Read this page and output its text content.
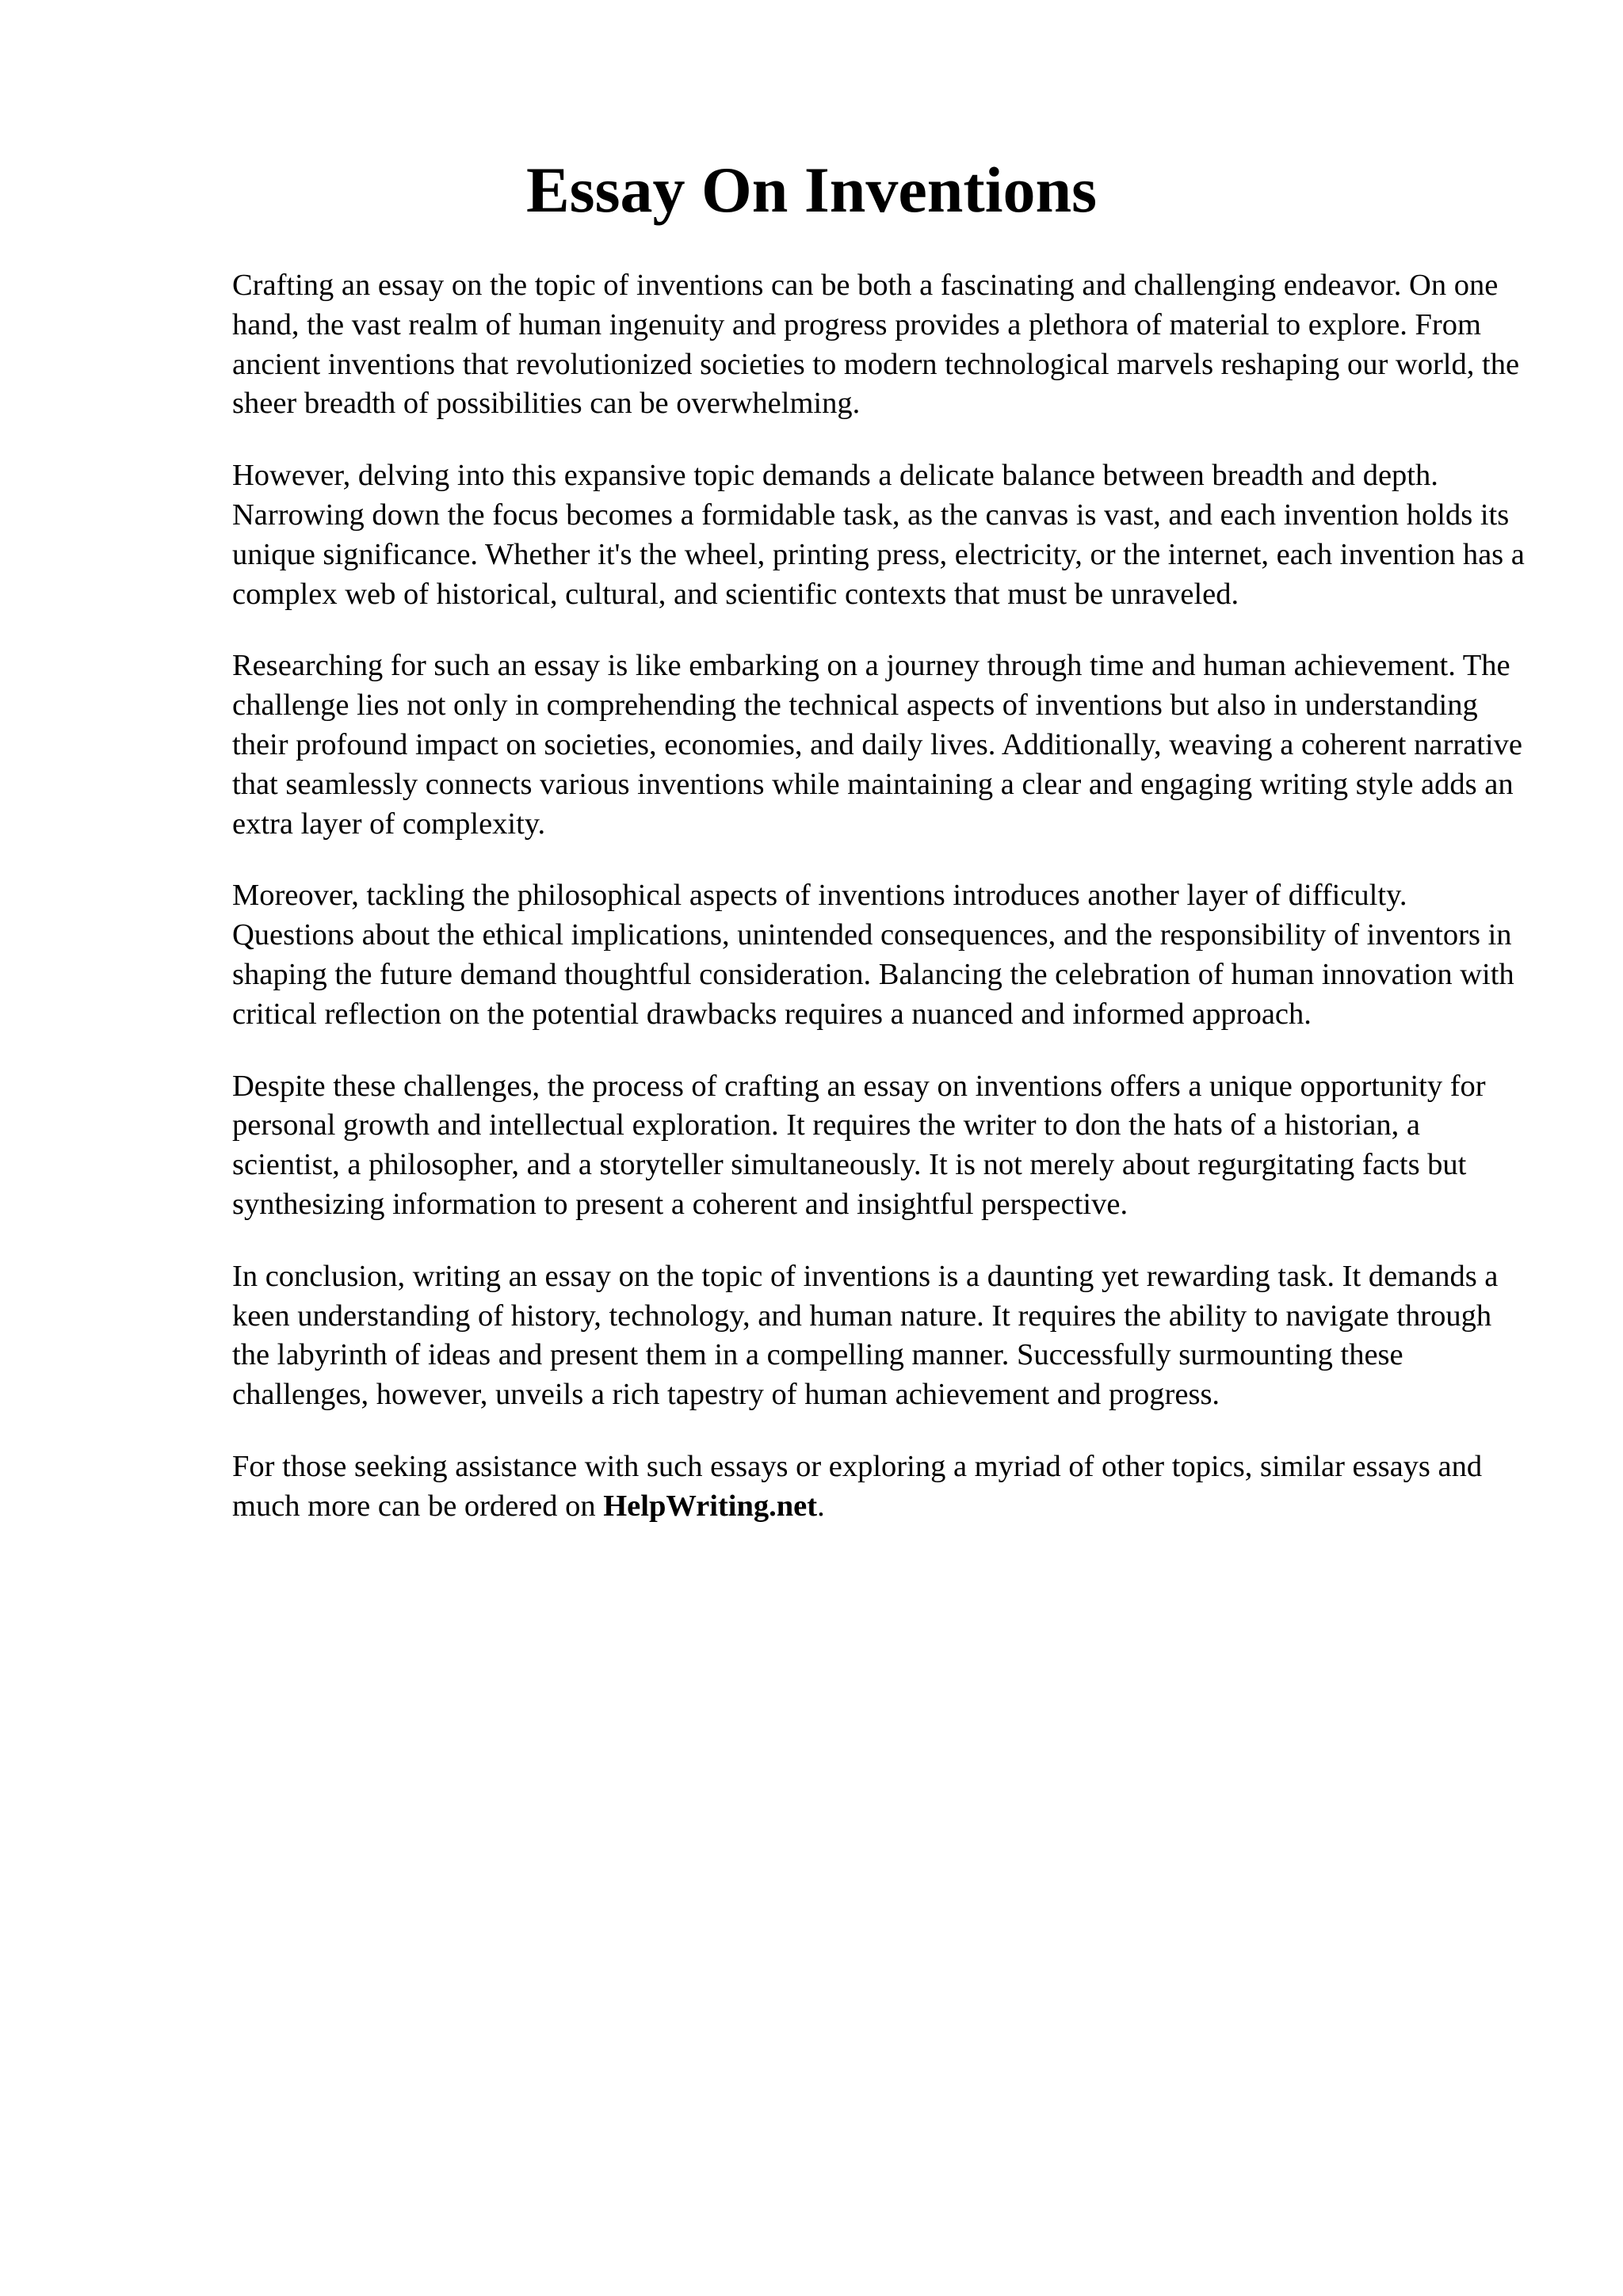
Essay On Inventions

Crafting an essay on the topic of inventions can be both a fascinating and challenging endeavor. On one hand, the vast realm of human ingenuity and progress provides a plethora of material to explore. From ancient inventions that revolutionized societies to modern technological marvels reshaping our world, the sheer breadth of possibilities can be overwhelming.

However, delving into this expansive topic demands a delicate balance between breadth and depth. Narrowing down the focus becomes a formidable task, as the canvas is vast, and each invention holds its unique significance. Whether it's the wheel, printing press, electricity, or the internet, each invention has a complex web of historical, cultural, and scientific contexts that must be unraveled.

Researching for such an essay is like embarking on a journey through time and human achievement. The challenge lies not only in comprehending the technical aspects of inventions but also in understanding their profound impact on societies, economies, and daily lives. Additionally, weaving a coherent narrative that seamlessly connects various inventions while maintaining a clear and engaging writing style adds an extra layer of complexity.

Moreover, tackling the philosophical aspects of inventions introduces another layer of difficulty. Questions about the ethical implications, unintended consequences, and the responsibility of inventors in shaping the future demand thoughtful consideration. Balancing the celebration of human innovation with critical reflection on the potential drawbacks requires a nuanced and informed approach.

Despite these challenges, the process of crafting an essay on inventions offers a unique opportunity for personal growth and intellectual exploration. It requires the writer to don the hats of a historian, a scientist, a philosopher, and a storyteller simultaneously. It is not merely about regurgitating facts but synthesizing information to present a coherent and insightful perspective.

In conclusion, writing an essay on the topic of inventions is a daunting yet rewarding task. It demands a keen understanding of history, technology, and human nature. It requires the ability to navigate through the labyrinth of ideas and present them in a compelling manner. Successfully surmounting these challenges, however, unveils a rich tapestry of human achievement and progress.

For those seeking assistance with such essays or exploring a myriad of other topics, similar essays and much more can be ordered on HelpWriting.net.
